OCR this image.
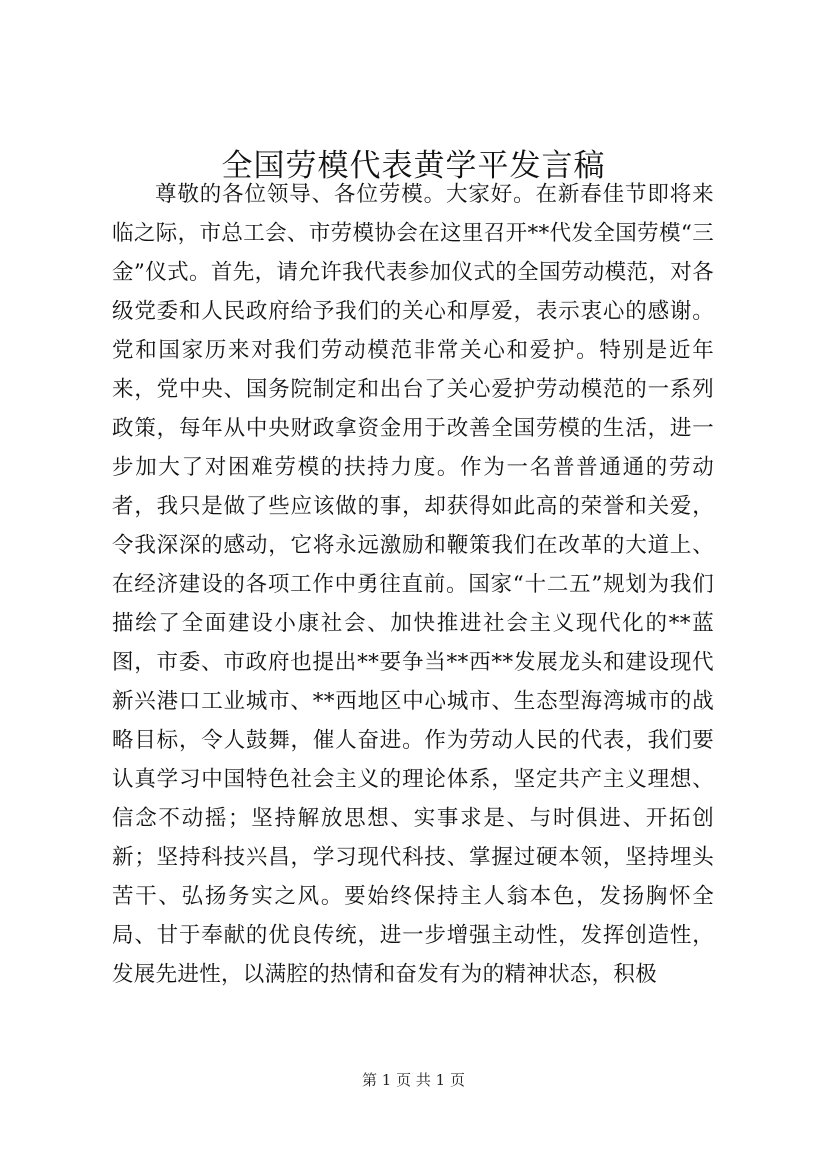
全国劳模代表黄学平发言稿

尊敬的各位领导、各位劳模。大家好。在新春佳节即将来临之际，市总工会、市劳模协会在这里召开**代发全国劳模“三金”仪式。首先，请允许我代表参加仪式的全国劳动模范，对各级党委和人民政府给予我们的关心和厚爱，表示衷心的感谢。党和国家历来对我们劳动模范非常关心和爱护。特别是近年来，党中央、国务院制定和出台了关心爱护劳动模范的一系列政策，每年从中央财政拿资金用于改善全国劳模的生活，进一步加大了对困难劳模的扶持力度。作为一名普普通通的劳动者，我只是做了些应该做的事，却获得如此高的荣誉和关爱，令我深深的感动，它将永远激励和鞭策我们在改革的大道上、在经济建设的各项工作中勇往直前。国家“十二五”规划为我们描绘了全面建设小康社会、加快推进社会主义现代化的**蓝图，市委、市政府也提出**要争当**西**发展龙头和建设现代新兴港口工业城市、**西地区中心城市、生态型海湾城市的战略目标，令人鼓舞，催人奋进。作为劳动人民的代表，我们要认真学习中国特色社会主义的理论体系，坚定共产主义理想、信念不动摇；坚持解放思想、实事求是、与时俱进、开拓创新；坚持科技兴昌，学习现代科技、掌握过硬本领，坚持埋头苦干、弘扬务实之风。要始终保持主人翁本色，发扬胸怀全局、甘于奉献的优良传统，进一步增强主动性，发挥创造性，发展先进性，以满腔的热情和奋发有为的精神状态，积极

第 1 页 共 1 页
